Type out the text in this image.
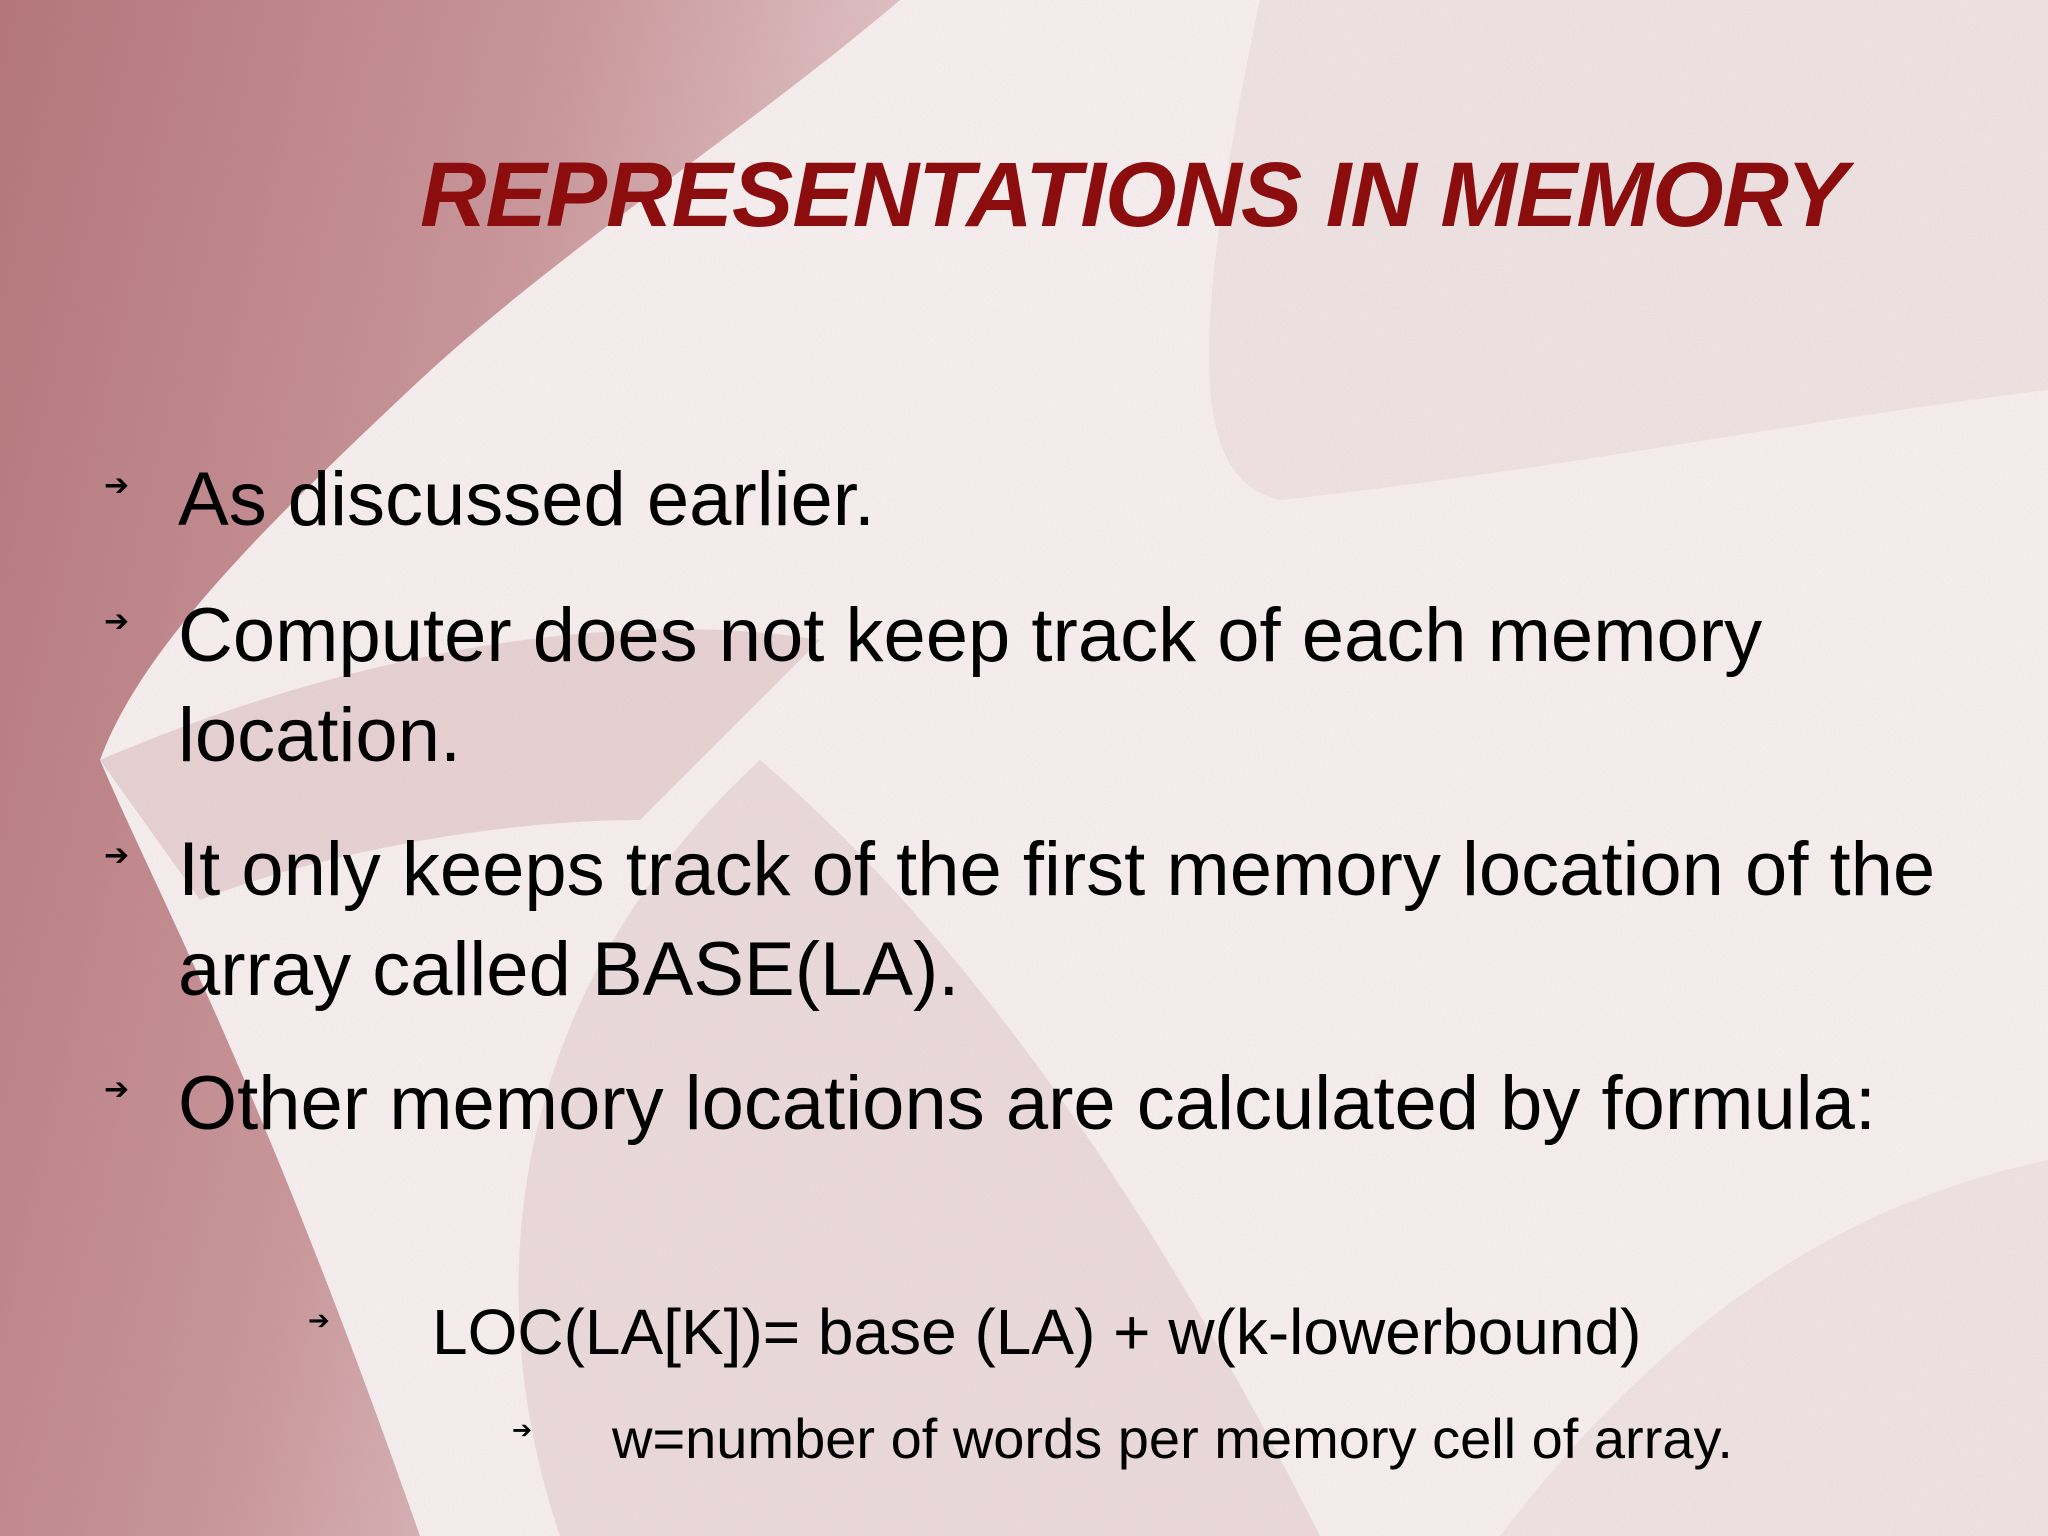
REPRESENTATIONS IN MEMORY
➔ As discussed earlier.
➔ Computer does not keep track of each memory location.
➔ It only keeps track of the first memory location of the array called BASE(LA).
➔ Other memory locations are calculated by formula:
➔ LOC(LA[K])= base (LA) + w(k-lowerbound)
➔ w=number of words per memory cell of array.
